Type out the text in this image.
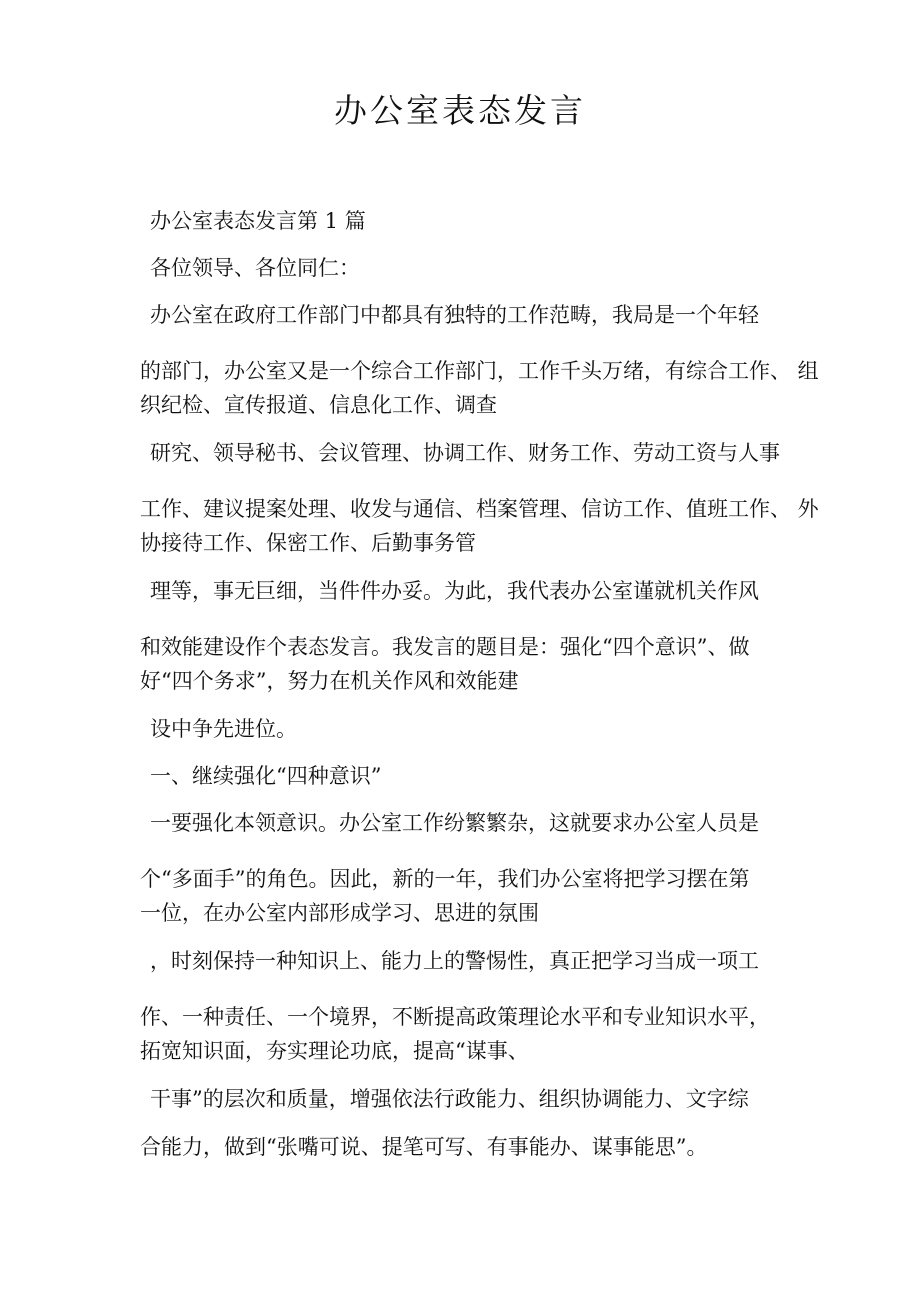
办公室表态发言
办公室表态发言第 1 篇
各位领导、各位同仁：
办公室在政府工作部门中都具有独特的工作范畴，我局是一个年轻
的部门，办公室又是一个综合工作部门，工作千头万绪，有综合工作、 组
织纪检、宣传报道、信息化工作、调查
研究、领导秘书、会议管理、协调工作、财务工作、劳动工资与人事
工作、建议提案处理、收发与通信、档案管理、信访工作、值班工作、 外
协接待工作、保密工作、后勤事务管
理等，事无巨细，当件件办妥。为此，我代表办公室谨就机关作风
和效能建设作个表态发言。我发言的题目是：强化“四个意识”、做
好“四个务求”，努力在机关作风和效能建
设中争先进位。
一、继续强化“四种意识”
一要强化本领意识。办公室工作纷繁繁杂，这就要求办公室人员是
个“多面手”的角色。因此，新的一年，我们办公室将把学习摆在第
一位，在办公室内部形成学习、思进的氛围
，时刻保持一种知识上、能力上的警惕性，真正把学习当成一项工
作、一种责任、一个境界，不断提高政策理论水平和专业知识水平，
拓宽知识面，夯实理论功底，提高“谋事、
干事”的层次和质量，增强依法行政能力、组织协调能力、文字综
合能力，做到“张嘴可说、提笔可写、有事能办、谋事能思”。
